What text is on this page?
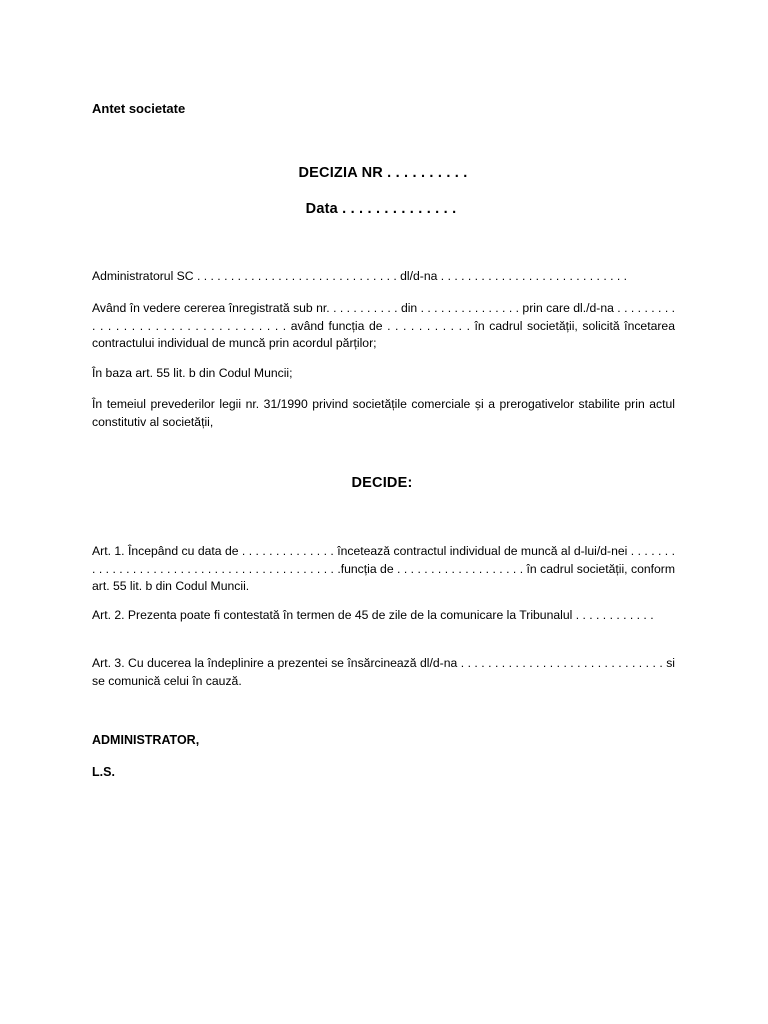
Antet societate
DECIZIA NR . . . . . . . . . .
Data . . . . . . . . . . . . . .
Administratorul SC . . . . . . . . . . . . . . . . . . . . . . . . . . . . . . dl/d-na . . . . . . . . . . . . . . . . . . . . . . . . . . . .
Având în vedere cererea înregistrată sub nr. . . . . . . . . . . din . . . . . . . . . . . . . . . prin care dl./d-na . . . . . . . . . . . . . . . . . . . . . . . . . . . . . . . . . . având funcția de . . . . . . . . . . . în cadrul societății, solicită încetarea contractului individual de muncă prin acordul părților;
În baza art. 55 lit. b din Codul Muncii;
În temeiul prevederilor legii nr. 31/1990 privind societățile comerciale și a prerogativelor stabilite prin actul constitutiv al societății,
DECIDE:
Art. 1. Începând cu data de . . . . . . . . . . . . . . încetează contractul individual de muncă al d-lui/d-nei . . . . . . . . . . . . . . . . . . . . . . . . . . . . . . . . . . . . . . . . . . . .funcția de . . . . . . . . . . . . . . . . . . . în cadrul societății, conform art. 55 lit. b din Codul Muncii.
Art. 2. Prezenta poate fi contestată în termen de 45 de zile de la comunicare la Tribunalul . . . . . . . . . . . .
Art. 3. Cu ducerea la îndeplinire a prezentei se însărcinează dl/d-na . . . . . . . . . . . . . . . . . . . . . . . . . . . . . . si se comunică celui în cauză.
ADMINISTRATOR,
L.S.
